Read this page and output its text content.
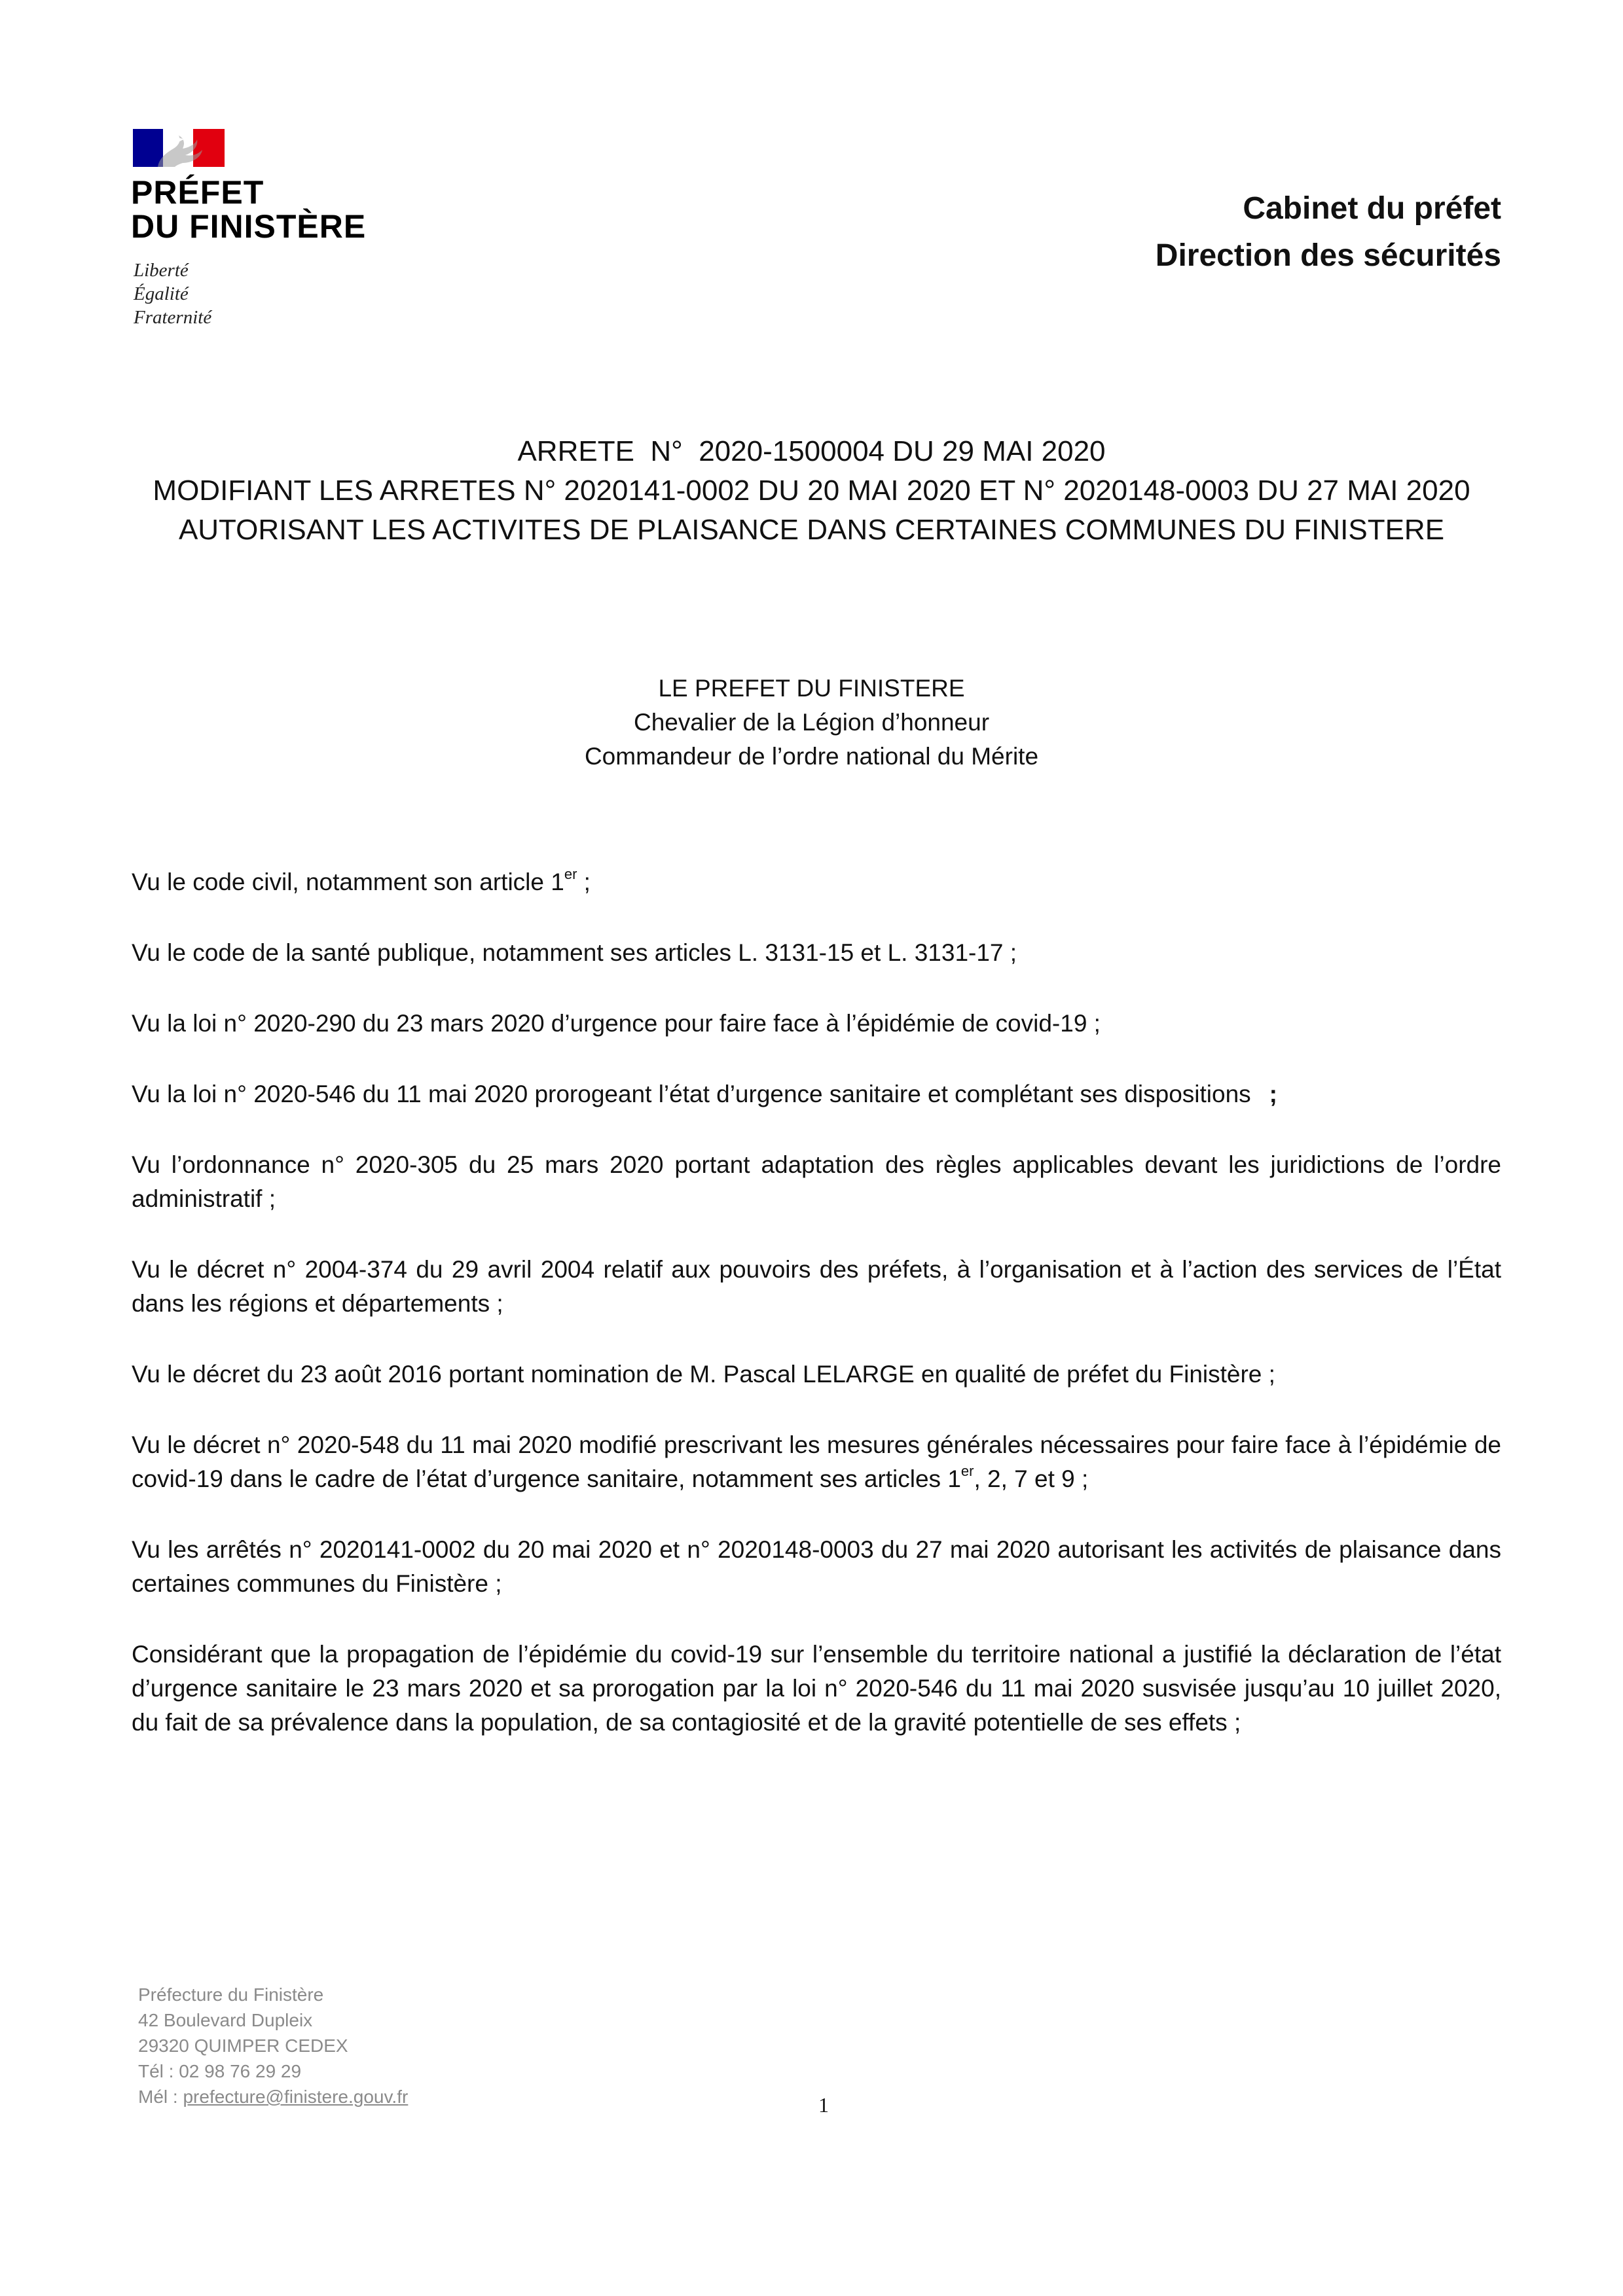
PRÉFET
DU FINISTÈRE
Liberté
Égalité
Fraternité
Cabinet du préfet
Direction des sécurités
ARRETE  N°  2020-1500004 DU 29 MAI 2020
MODIFIANT LES ARRETES N° 2020141-0002 DU 20 MAI 2020 ET N° 2020148-0003 DU 27 MAI 2020
AUTORISANT LES ACTIVITES DE PLAISANCE DANS CERTAINES COMMUNES DU FINISTERE
LE PREFET DU FINISTERE
Chevalier de la Légion d’honneur
Commandeur de l’ordre national du Mérite
Vu le code civil, notamment son article 1er ;
Vu le code de la santé publique, notamment ses articles L. 3131-15 et L. 3131-17 ;
Vu la loi n° 2020-290 du 23 mars 2020 d’urgence pour faire face à l’épidémie de covid-19 ;
Vu la loi n° 2020-546 du 11 mai 2020 prorogeant l’état d’urgence sanitaire et complétant ses dispositions ;
Vu l’ordonnance n° 2020-305 du 25 mars 2020 portant adaptation des règles applicables devant les juridictions de l’ordre administratif ;
Vu le décret n° 2004-374 du 29 avril 2004 relatif aux pouvoirs des préfets, à l’organisation et à l’action des services de l’État dans les régions et départements ;
Vu le décret du 23 août 2016 portant nomination de M. Pascal LELARGE en qualité de préfet du Finistère ;
Vu le décret n° 2020-548 du 11 mai 2020 modifié prescrivant les mesures générales nécessaires pour faire face à l’épidémie de covid-19 dans le cadre de l’état d’urgence sanitaire, notamment ses articles 1er, 2, 7 et 9 ;
Vu les arrêtés n° 2020141-0002 du 20 mai 2020 et n° 2020148-0003 du 27 mai 2020 autorisant les activités de plaisance dans certaines communes du Finistère ;
Considérant que la propagation de l’épidémie du covid-19 sur l’ensemble du territoire national a justifié la déclaration de l’état d’urgence sanitaire le 23 mars 2020 et sa prorogation par la loi n° 2020-546 du 11 mai 2020 susvisée jusqu’au 10 juillet 2020, du fait de sa prévalence dans la population, de sa contagiosité et de la gravité potentielle de ses effets ;
Préfecture du Finistère
42 Boulevard Dupleix
29320 QUIMPER CEDEX
Tél : 02 98 76 29 29
Mél : prefecture@finistere.gouv.fr	1
